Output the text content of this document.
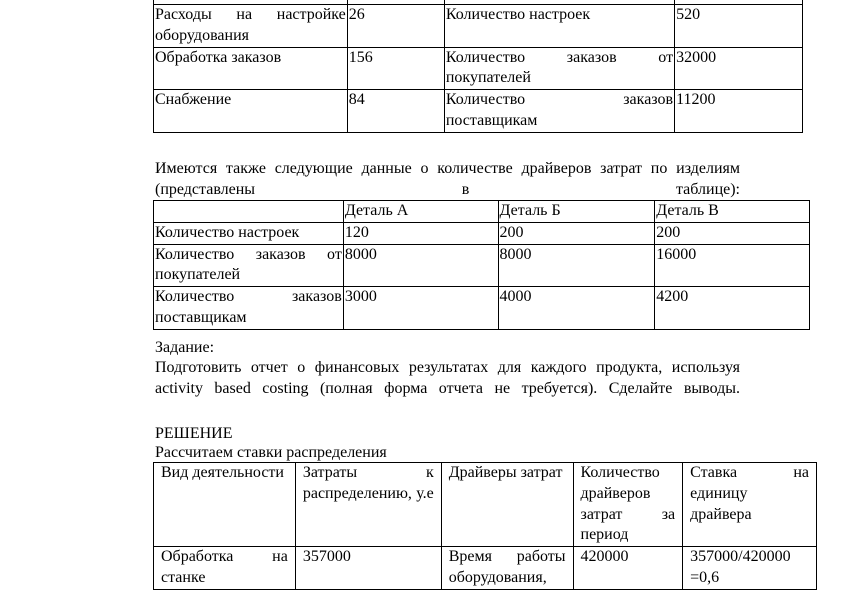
Расходы на настройке оборудования	26	Количество настроек	520
Обработка заказов	156	Количество заказов от покупателей	32000
Снабжение	84	Количество заказов поставщикам	11200

Имеются также следующие данные о количестве драйверов затрат по изделиям (представлены в таблице):

	Деталь А	Деталь Б	Деталь В
Количество настроек	120	200	200
Количество заказов от покупателей	8000	8000	16000
Количество заказов поставщикам	3000	4000	4200

Задание:

Подготовить отчет о финансовых результатах для каждого продукта, используя activity based costing (полная форма отчета не требуется). Сделайте выводы.

РЕШЕНИЕ

Рассчитаем ставки распределения

Вид деятельности	Затраты к распределению, у.е	Драйверы затрат	Количество драйверов затрат за период	Ставка на единицу драйвера
Обработка на станке	357000	Время работы оборудования,	420000	357000/420000 =0,6
